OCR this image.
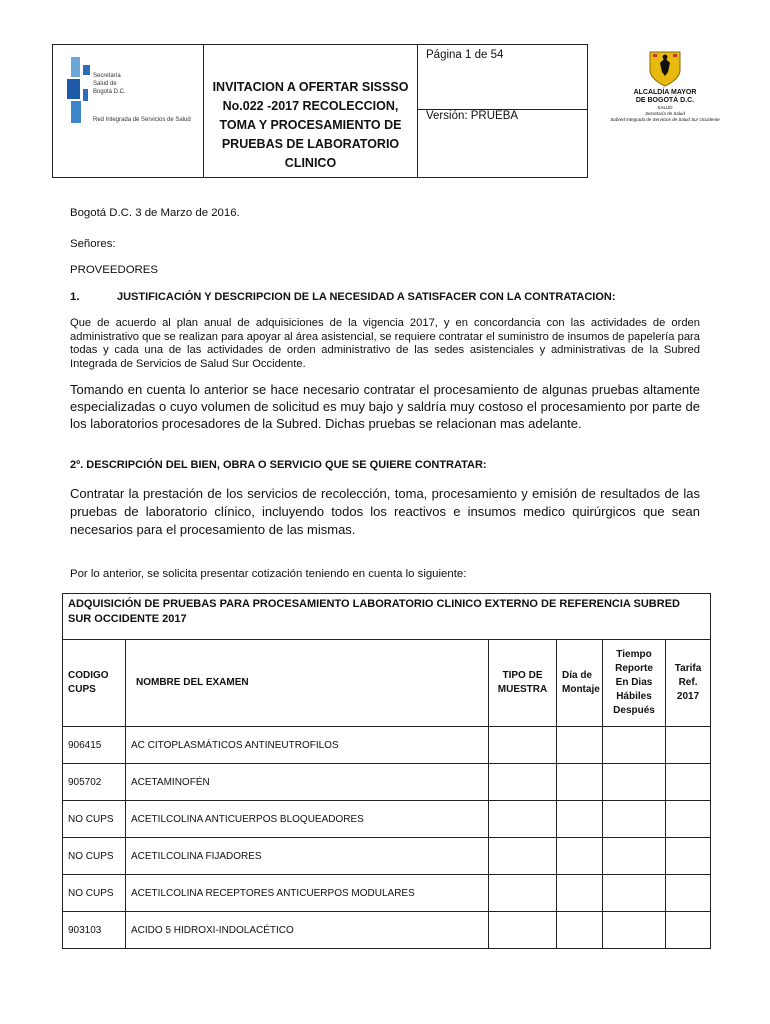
Secretaría
Salud de
Bogotá D.C.
Red Integrada de Servicios de Salud
INVITACION A OFERTAR SISSSO
No.022 -2017 RECOLECCION,
TOMA Y PROCESAMIENTO DE
PRUEBAS DE LABORATORIO
CLINICO
Página 1 de 54
Versión: PRUEBA
ALCALDÍA MAYOR
DE BOGOTÁ D.C.
SALUD
Secretaría de Salud
Subred Integrada de Servicios de Salud Sur Occidente
Bogotá D.C. 3 de Marzo de 2016.
Señores:
PROVEEDORES
1.	JUSTIFICACIÓN Y DESCRIPCION DE LA NECESIDAD A SATISFACER CON LA CONTRATACION:
Que de acuerdo al plan anual de adquisiciones de la vigencia 2017, y en concordancia con las actividades de orden administrativo que se realizan para apoyar al área asistencial, se requiere contratar el suministro de insumos de papelería para todas y cada una de las actividades de orden administrativo de las sedes asistenciales y administrativas de la Subred Integrada de Servicios de Salud Sur Occidente.
Tomando en cuenta lo anterior se hace necesario contratar el procesamiento de algunas pruebas altamente especializadas o cuyo volumen de solicitud es muy bajo y saldría muy costoso el procesamiento por parte de los laboratorios procesadores de la Subred. Dichas pruebas se relacionan mas adelante.
2º. DESCRIPCIÓN DEL BIEN, OBRA O SERVICIO QUE SE QUIERE CONTRATAR:
Contratar la prestación de los servicios de recolección, toma, procesamiento y emisión de resultados de las pruebas de laboratorio clínico, incluyendo todos los reactivos e insumos medico quirúrgicos que sean necesarios para el procesamiento de las mismas.
Por lo anterior, se solicita presentar cotización teniendo en cuenta lo siguiente:
ADQUISICIÓN DE PRUEBAS PARA PROCESAMIENTO LABORATORIO CLINICO EXTERNO DE REFERENCIA SUBRED SUR OCCIDENTE 2017					
CODIGO CUPS	NOMBRE DEL EXAMEN	TIPO DE MUESTRA	Día de Montaje	Tiempo Reporte En Dias Hábiles Después	Tarifa Ref. 2017
906415	AC CITOPLASMÁTICOS ANTINEUTROFILOS				
905702	ACETAMINOFÉN				
NO CUPS	ACETILCOLINA ANTICUERPOS BLOQUEADORES				
NO CUPS	ACETILCOLINA FIJADORES				
NO CUPS	ACETILCOLINA RECEPTORES ANTICUERPOS MODULARES				
903103	ACIDO 5 HIDROXI-INDOLACÉTICO				
